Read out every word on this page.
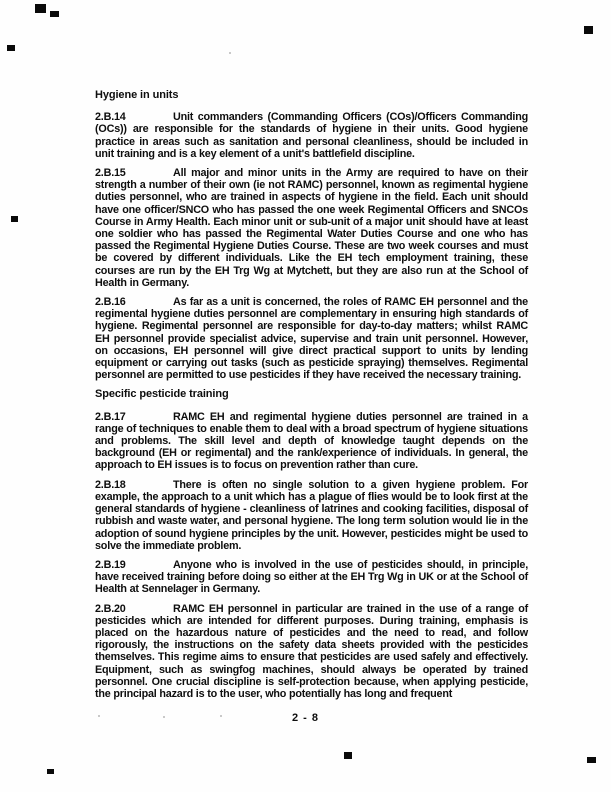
Hygiene in units

2.B.14	Unit commanders (Commanding Officers (COs)/Officers Commanding (OCs)) are responsible for the standards of hygiene in their units. Good hygiene practice in areas such as sanitation and personal cleanliness, should be included in unit training and is a key element of a unit's battlefield discipline.

2.B.15	All major and minor units in the Army are required to have on their strength a number of their own (ie not RAMC) personnel, known as regimental hygiene duties personnel, who are trained in aspects of hygiene in the field. Each unit should have one officer/SNCO who has passed the one week Regimental Officers and SNCOs Course in Army Health. Each minor unit or sub-unit of a major unit should have at least one soldier who has passed the Regimental Water Duties Course and one who has passed the Regimental Hygiene Duties Course. These are two week courses and must be covered by different individuals. Like the EH tech employment training, these courses are run by the EH Trg Wg at Mytchett, but they are also run at the School of Health in Germany.

2.B.16	As far as a unit is concerned, the roles of RAMC EH personnel and the regimental hygiene duties personnel are complementary in ensuring high standards of hygiene. Regimental personnel are responsible for day-to-day matters; whilst RAMC EH personnel provide specialist advice, supervise and train unit personnel. However, on occasions, EH personnel will give direct practical support to units by lending equipment or carrying out tasks (such as pesticide spraying) themselves. Regimental personnel are permitted to use pesticides if they have received the necessary training.

Specific pesticide training

2.B.17	RAMC EH and regimental hygiene duties personnel are trained in a range of techniques to enable them to deal with a broad spectrum of hygiene situations and problems. The skill level and depth of knowledge taught depends on the background (EH or regimental) and the rank/experience of individuals. In general, the approach to EH issues is to focus on prevention rather than cure.

2.B.18	There is often no single solution to a given hygiene problem. For example, the approach to a unit which has a plague of flies would be to look first at the general standards of hygiene - cleanliness of latrines and cooking facilities, disposal of rubbish and waste water, and personal hygiene. The long term solution would lie in the adoption of sound hygiene principles by the unit. However, pesticides might be used to solve the immediate problem.

2.B.19	Anyone who is involved in the use of pesticides should, in principle, have received training before doing so either at the EH Trg Wg in UK or at the School of Health at Sennelager in Germany.

2.B.20	RAMC EH personnel in particular are trained in the use of a range of pesticides which are intended for different purposes. During training, emphasis is placed on the hazardous nature of pesticides and the need to read, and follow rigorously, the instructions on the safety data sheets provided with the pesticides themselves. This regime aims to ensure that pesticides are used safely and effectively. Equipment, such as swingfog machines, should always be operated by trained personnel. One crucial discipline is self-protection because, when applying pesticide, the principal hazard is to the user, who potentially has long and frequent

2 - 8
